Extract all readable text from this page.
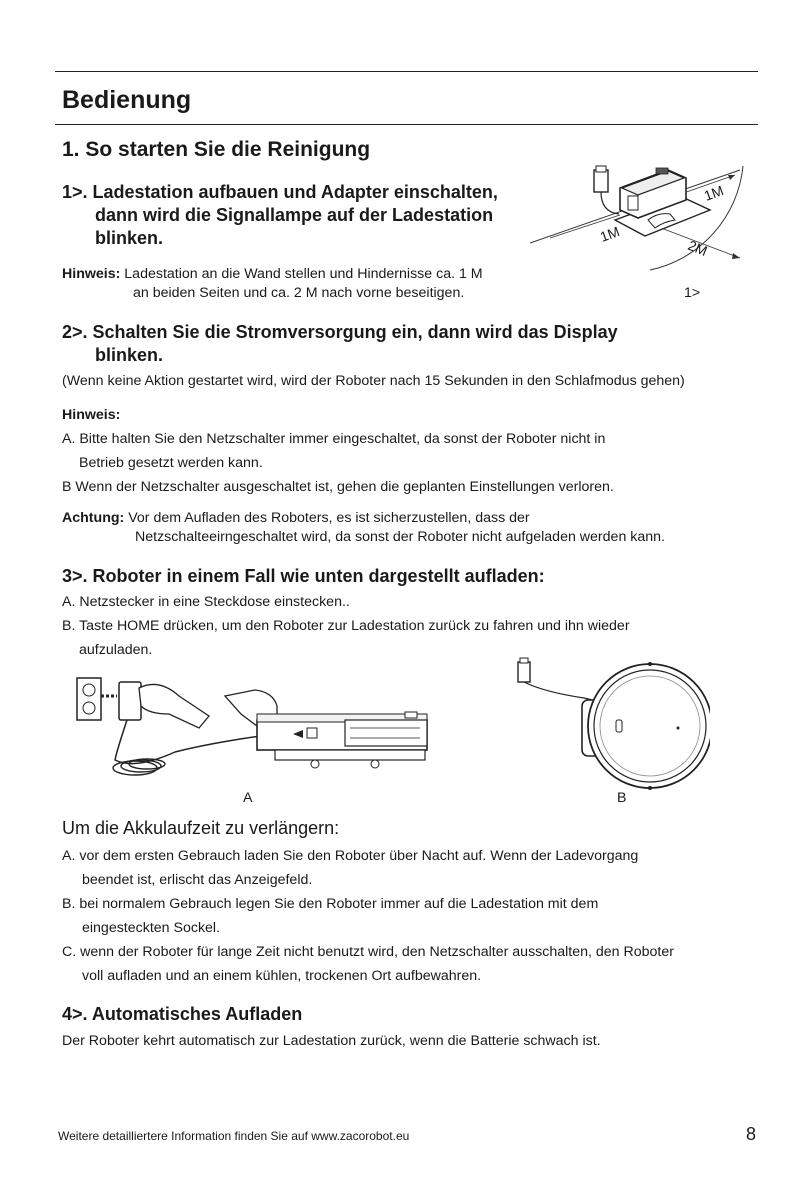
Bedienung
1. So starten Sie die Reinigung
1>. Ladestation aufbauen und Adapter einschalten,
dann wird die Signallampe auf der Ladestation
blinken.
Hinweis: Ladestation an die Wand stellen und Hindernisse ca. 1 M
an beiden Seiten und ca. 2 M nach vorne beseitigen.
1M
1M
2M
1>
2>. Schalten Sie die Stromversorgung ein, dann wird das Display
blinken.
(Wenn keine Aktion gestartet wird, wird der Roboter nach 15 Sekunden in den Schlafmodus gehen)
Hinweis:
A. Bitte halten Sie den Netzschalter immer eingeschaltet, da sonst der Roboter nicht in
Betrieb gesetzt werden kann.
B Wenn der Netzschalter ausgeschaltet ist, gehen die geplanten Einstellungen verloren.
Achtung: Vor dem Aufladen des Roboters, es ist sicherzustellen, dass der
Netzschalteeirngeschaltet wird, da sonst der Roboter nicht aufgeladen werden kann.
3>. Roboter in einem Fall wie unten dargestellt aufladen:
A. Netzstecker in eine Steckdose einstecken..
B. Taste HOME drücken, um den Roboter zur Ladestation zurück zu fahren und ihn wieder
aufzuladen.
A	B
Um die Akkulaufzeit zu verlängern:
A. vor dem ersten Gebrauch laden Sie den Roboter über Nacht auf. Wenn der Ladevorgang
beendet ist, erlischt das Anzeigefeld.
B. bei normalem Gebrauch legen Sie den Roboter immer auf die Ladestation mit dem
eingesteckten Sockel.
C. wenn der Roboter für lange Zeit nicht benutzt wird, den Netzschalter ausschalten, den Roboter
voll aufladen und an einem kühlen, trockenen Ort aufbewahren.
4>. Automatisches Aufladen
Der Roboter kehrt automatisch zur Ladestation zurück, wenn die Batterie schwach ist.
Weitere detailliertere Information finden Sie auf www.zacorobot.eu	8
